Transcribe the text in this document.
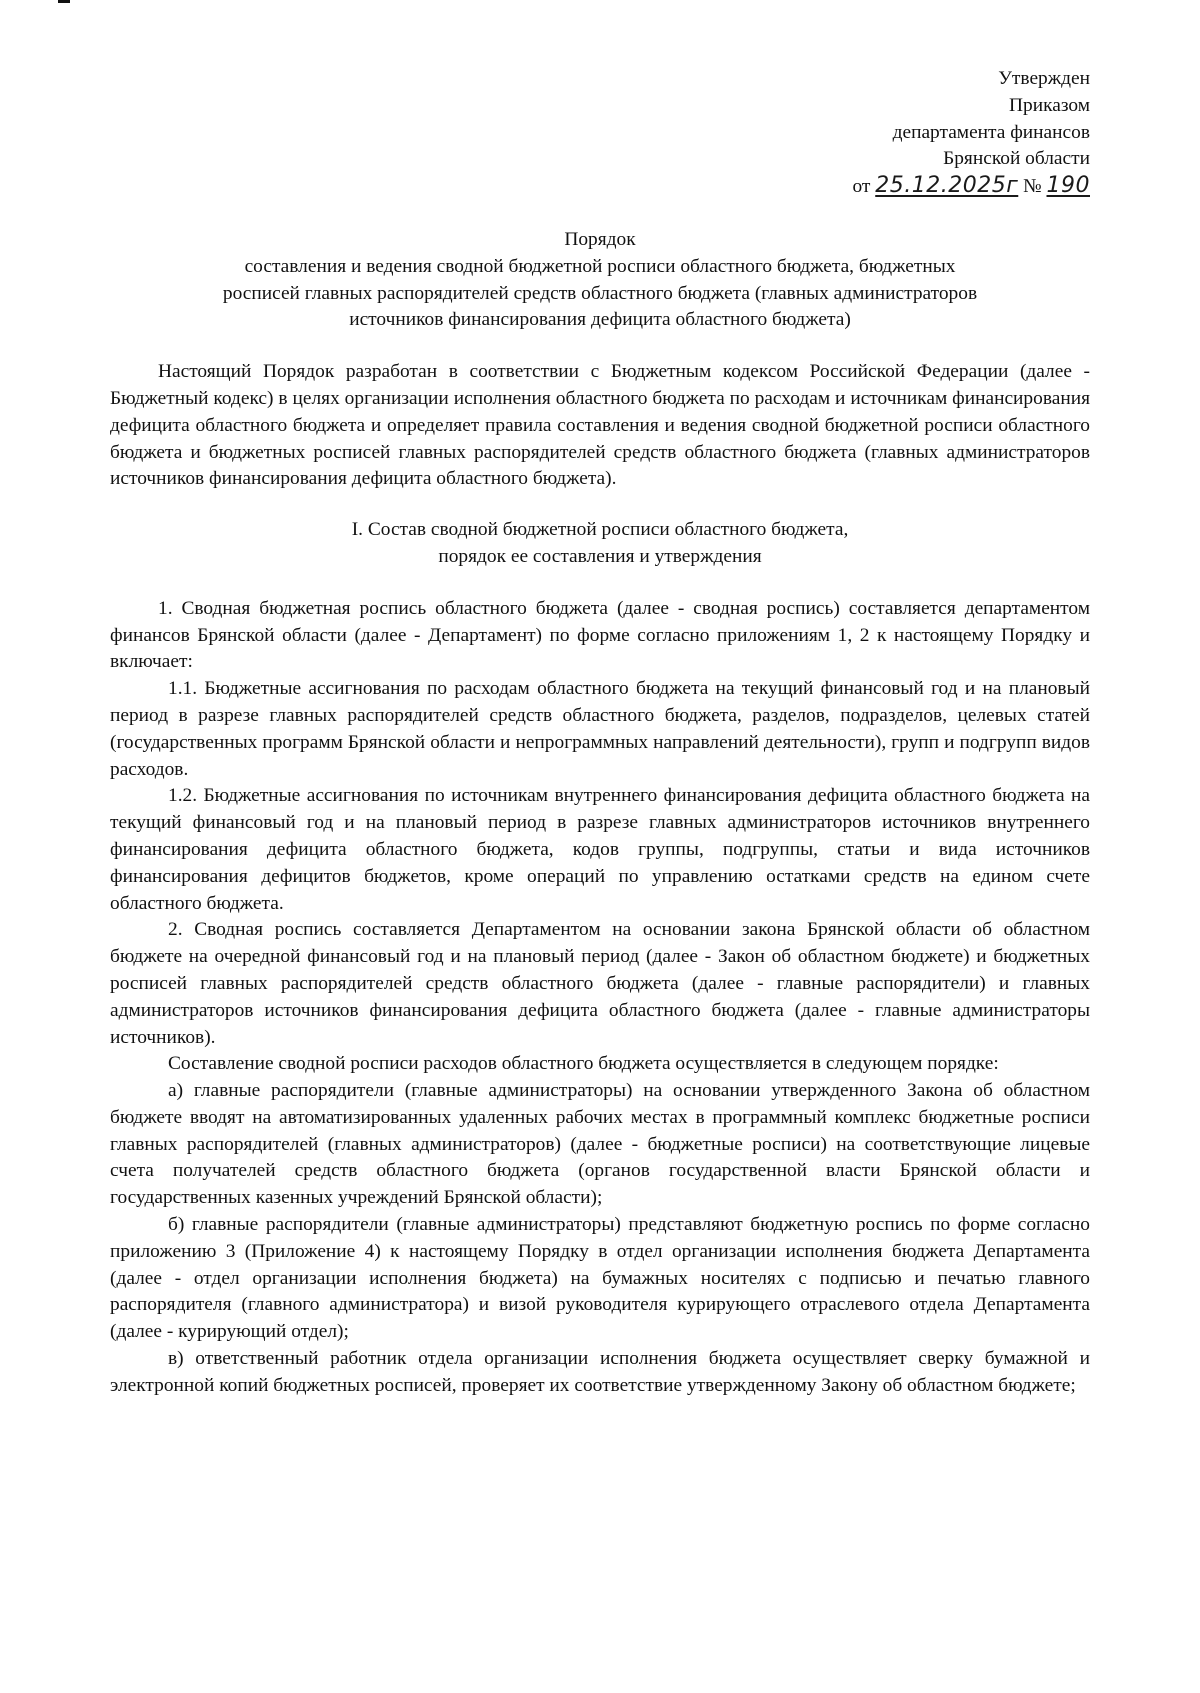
Утвержден
Приказом
департамента финансов
Брянской области
от 25.12.2025г № 190
Порядок
составления и ведения сводной бюджетной росписи областного бюджета, бюджетных
росписей главных распорядителей средств областного бюджета (главных администраторов
источников финансирования дефицита областного бюджета)

Настоящий Порядок разработан в соответствии с Бюджетным кодексом Российской Федерации (далее - Бюджетный кодекс) в целях организации исполнения областного бюджета по расходам и источникам финансирования дефицита областного бюджета и определяет правила составления и ведения сводной бюджетной росписи областного бюджета и бюджетных росписей главных распорядителей средств областного бюджета (главных администраторов источников финансирования дефицита областного бюджета).

I. Состав сводной бюджетной росписи областного бюджета,
порядок ее составления и утверждения

1. Сводная бюджетная роспись областного бюджета (далее - сводная роспись) составляется департаментом финансов Брянской области (далее - Департамент) по форме согласно приложениям 1, 2 к настоящему Порядку и включает:

1.1. Бюджетные ассигнования по расходам областного бюджета на текущий финансовый год и на плановый период в разрезе главных распорядителей средств областного бюджета, разделов, подразделов, целевых статей (государственных программ Брянской области и непрограммных направлений деятельности), групп и подгрупп видов расходов.

1.2. Бюджетные ассигнования по источникам внутреннего финансирования дефицита областного бюджета на текущий финансовый год и на плановый период в разрезе главных администраторов источников внутреннего финансирования дефицита областного бюджета, кодов группы, подгруппы, статьи и вида источников финансирования дефицитов бюджетов, кроме операций по управлению остатками средств на едином счете областного бюджета.

2. Сводная роспись составляется Департаментом на основании закона Брянской области об областном бюджете на очередной финансовый год и на плановый период (далее - Закон об областном бюджете) и бюджетных росписей главных распорядителей средств областного бюджета (далее - главные распорядители) и главных администраторов источников финансирования дефицита областного бюджета (далее - главные администраторы источников).

Составление сводной росписи расходов областного бюджета осуществляется в следующем порядке:

а) главные распорядители (главные администраторы) на основании утвержденного Закона об областном бюджете вводят на автоматизированных удаленных рабочих местах в программный комплекс бюджетные росписи главных распорядителей (главных администраторов) (далее - бюджетные росписи) на соответствующие лицевые счета получателей средств областного бюджета (органов государственной власти Брянской области и государственных казенных учреждений Брянской области);

б) главные распорядители (главные администраторы) представляют бюджетную роспись по форме согласно приложению 3 (Приложение 4) к настоящему Порядку в отдел организации исполнения бюджета Департамента (далее - отдел организации исполнения бюджета) на бумажных носителях с подписью и печатью главного распорядителя (главного администратора) и визой руководителя курирующего отраслевого отдела Департамента (далее - курирующий отдел);

в) ответственный работник отдела организации исполнения бюджета осуществляет сверку бумажной и электронной копий бюджетных росписей, проверяет их соответствие утвержденному Закону об областном бюджете;
